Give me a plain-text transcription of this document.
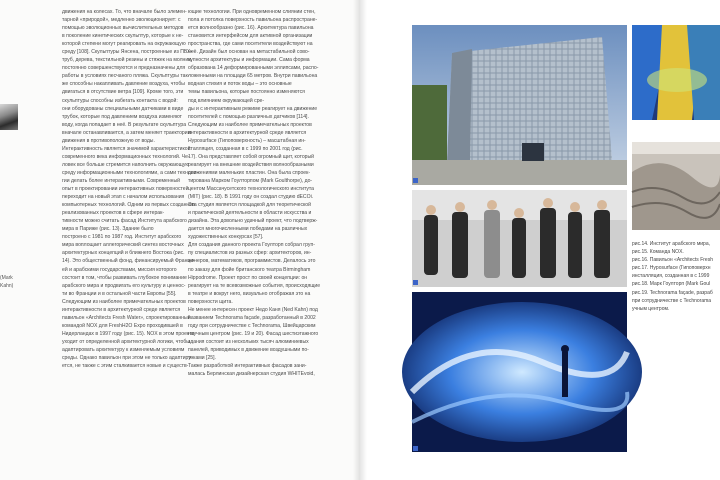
(Mark
Kahn)
движения на колесах. То, что вначале было элемен-
тарной «природой», медленно эволюционирует: с
помощью эволюционных вычислительных методов
в поколение кинетических скульптур, которые к не-
которой степени могут реагировать на окружающую
среду [108]. Скульптуры Янсена, построенные из ПВХ-
труб, дерева, текстильной резины и стяжек на молнии,
постоянно совершенствуются и предназначены для
работы в условиях песчаного пляжа. Скульптуры так-
же способны накапливать давление воздуха, чтобы
двигаться в отсутствие ветра [109]. Кроме того, эти
скульптуры способны избегать контакта с водой:
они оборудованы специальными датчиками в виде
трубок, которые под давлением воздуха изменяют
воду, когда попадает в неё. В результате скульптура
вначале останавливается, а затем меняет траекторию
движения в противоположную от воды.
Интерактивность является значимой характеристикой
современного века информационных технологий. Че-
ловек все больше стремится наполнить окружающую
среду информационными технологиями, а сами техноло-
гии делать более интерактивными. Современный
опыт в проектировании интерактивных поверхностей
переходит на новый этап с началом использования
компьютерных технологий. Одним из первых созданных
реализованных проектов в сфере интерак-
тивности можно считать фасад Института арабского
мира в Париже (рис. 13). Здание было
построено с 1981 по 1987 год. Институт арабского
мира воплощает аллегорический синтез восточных
архитектурных концепций и ближнего Востока (рис.
14). Это общественный фонд, финансируемый Франци-
ей и арабскими государствами, миссия которого
состоит в том, чтобы развивать глубокое понимание
арабского мира и продвигать его культуру и ценнос-
ти во Франции и в остальной части Европы [55].
Следующим из наиболее примечательных проектов
интерактивности в архитектурной среде является
павильон «Architects Fresh Water», спроектированный
командой NOX для FreshH2O Expo проходившей в
Нидерландах в 1997 году (рис. 15). NOX в этом проекте
уходит от определенной архитектурной логики, чтобы
адаптировать архитектуру к изменяемым условиям
среды. Однако павильон при этом не только адаптиру-
ется, не также с этим сталкивается новые и существ-
ющие технологии. При одновременном слиянии стен,
пола и потолка поверхность павильона распростране-
ется волнообразно (рис. 16). Архитектура павильона
становится интерфейсом для активной организации
пространства, где сами посетители воздействуют на
неё. Дизайн был основан на метастабильной сово-
купности архитектуры и информации. Сама форма
образована 14 деформированными эллипсами, распо-
ложенными на площади 65 метров. Внутри павильона
водная стихия и поток воды – это основные
темы павильона, которые постоянно изменяются
под влиянием окружающей сре-
ды и с интерактивным режиме реагирует на движение
посетителей с помощью различных датчиков [114].
Следующим из наиболее примечательных проектов
интерактивности в архитектурной среде является
Hyposurface (Гипоповерхность) – масштабная ин-
сталляция, созданная в с 1999 по 2001 год (рис.
17). Она представляет собой огромный щит, который
реагирует на внешние воздействия волнообразными
движениями маленьких пластин. Она была спроек-
тирована Марком Гоулторпом (Mark Goulthorpe), до-
центом Массачусетского технологического института
(MIT) (рис. 18). В 1991 году он создал студию dECOi.
Эта студия является площадкой для теоретической
и практической деятельности в области искусства и
дизайна. Эта довольно удачный проект, что подтверж-
дается многочисленными победами на различных
художественных конкурсах [57].
Для создания данного проекта Гоулторп собрал груп-
пу специалистов из разных сфер: архитекторов, ин-
женеров, математиков, программистов. Делалось это
по заказу для фойе британского театра Birmingham
Hippodrome. Проект прост по своей концепции: он
реагирует на те всевозможные события, происходящие
в театре и вокруг него, визуально отображая это на
поверхности щита.
Не менее интересен проект Недо Каня (Ned Kahn) под
названием Technorama façade, разработанный в 2002
году при сотрудничестве с Technorama, Швейцарским
научным центром (рис. 19 и 20). Фасад шестиэтажного
здания состоит из нескольких тысяч алюминиевых
панелей, приводимых в движение воздушными по-
токами [25].
Также разработкой интерактивных фасадов зани-
малась Берлинская дизайнерская студия WHITEvoid,
рис.14. Институт арабского мира,
рис.15. Команда NOX.
рис.16. Павильон «Architects Fresh
рис.17. Hyposurface (Гипоповерхн
инсталляция, созданная в с 1999
рис.18. Марк Гоулторп (Mark Goul
рис.19. Technorama façade, разраб
при сотрудничестве с Technorama
учным центром.
